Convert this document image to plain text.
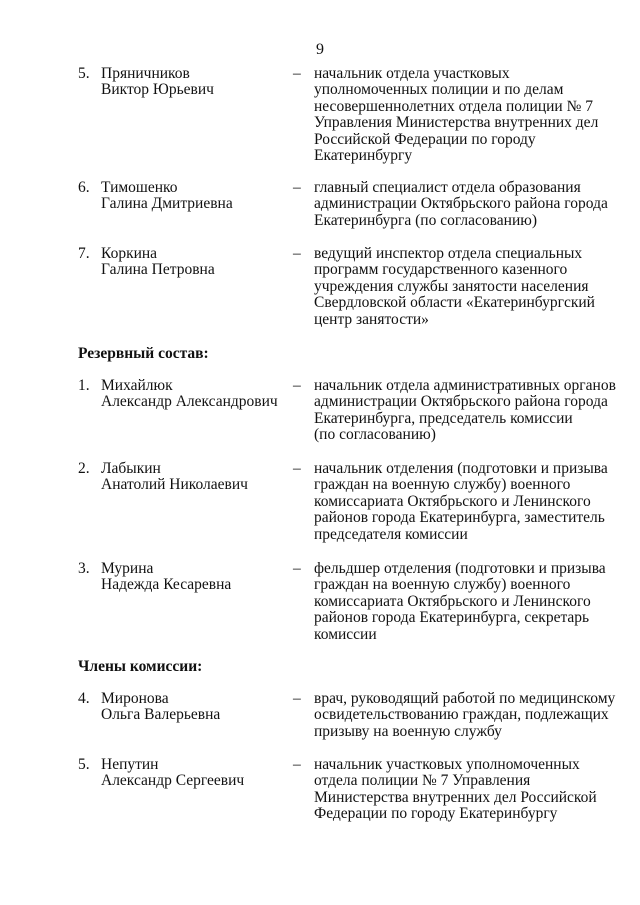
9
5. Пряничников
Виктор Юрьевич
– начальник отдела участковых
уполномоченных полиции и по делам
несовершеннолетних отдела полиции № 7
Управления Министерства внутренних дел
Российской Федерации по городу
Екатеринбургу
6. Тимошенко
Галина Дмитриевна
– главный специалист отдела образования
администрации Октябрьского района города
Екатеринбурга (по согласованию)
7. Коркина
Галина Петровна
– ведущий инспектор отдела специальных
программ государственного казенного
учреждения службы занятости населения
Свердловской области «Екатеринбургский
центр занятости»
Резервный состав:
1. Михайлюк
Александр Александрович
– начальник отдела административных органов
администрации Октябрьского района города
Екатеринбурга, председатель комиссии
(по согласованию)
2. Лабыкин
Анатолий Николаевич
– начальник отделения (подготовки и призыва
граждан на военную службу) военного
комиссариата Октябрьского и Ленинского
районов города Екатеринбурга, заместитель
председателя комиссии
3. Мурина
Надежда Кесаревна
– фельдшер отделения (подготовки и призыва
граждан на военную службу) военного
комиссариата Октябрьского и Ленинского
районов города Екатеринбурга, секретарь
комиссии
Члены комиссии:
4. Миронова
Ольга Валерьевна
– врач, руководящий работой по медицинскому
освидетельствованию граждан, подлежащих
призыву на военную службу
5. Непутин
Александр Сергеевич
– начальник участковых уполномоченных
отдела полиции № 7 Управления
Министерства внутренних дел Российской
Федерации по городу Екатеринбургу
